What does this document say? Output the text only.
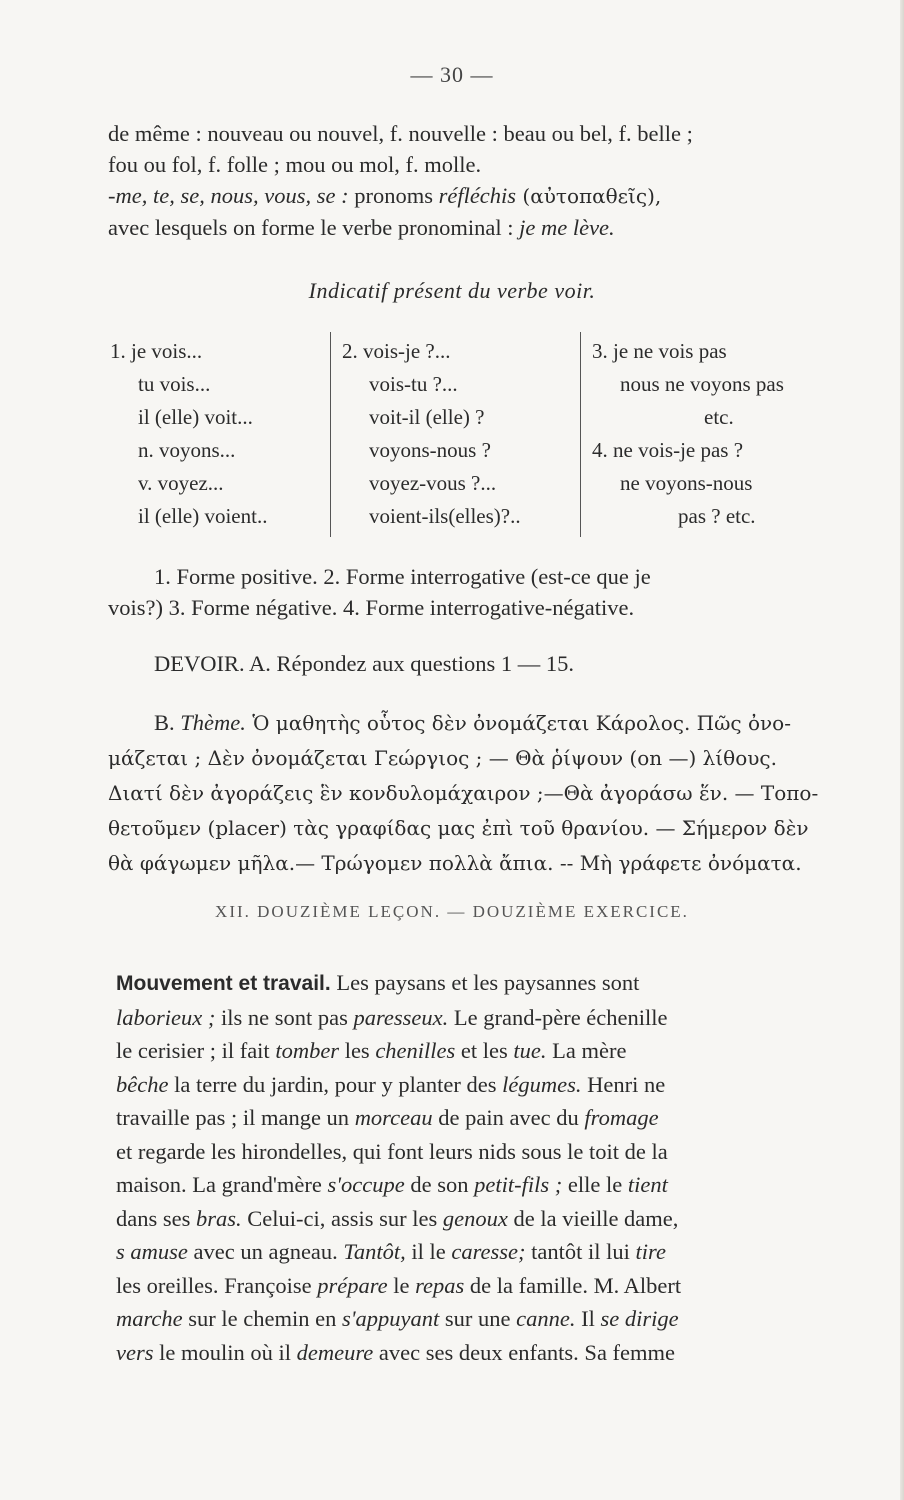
— 30 —
de même : nouveau ou nouvel, f. nouvelle : beau ou bel, f. belle ;
fou ou fol, f. folle ; mou ou mol, f. molle.
-me, te, se, nous, vous, se : pronoms réfléchis (αὐτοπαθεῖς),
avec lesquels on forme le verbe pronominal : je me lève.
Indicatif présent du verbe voir.
1. je vois...
tu vois...
il (elle) voit...
n. voyons...
v. voyez...
il (elle) voient..
2. vois-je ?...
vois-tu ?...
voit-il (elle) ?
voyons-nous ?
voyez-vous ?...
voient-ils(elles)?..
3. je ne vois pas
nous ne voyons pas
etc.
4. ne vois-je pas ?
ne voyons-nous
pas ? etc.
1. Forme positive. 2. Forme interrogative (est-ce que je
vois?) 3. Forme négative. 4. Forme interrogative-négative.
DEVOIR. A. Répondez aux questions 1 — 15.
B. Thème. Ὁ μαθητὴς οὗτος δὲν ὀνομάζεται Κάρολος. Πῶς ὀνο-
μάζεται ; Δὲν ὀνομάζεται Γεώργιος ; — Θὰ ῥίψουν (on —) λίθους.
Διατί δὲν ἀγοράζεις ἓν κονδυλομάχαιρον ;—Θὰ ἀγοράσω ἕν. — Τοπο-
θετοῦμεν (placer) τὰς γραφίδας μας ἐπὶ τοῦ θρανίου. — Σήμερον δὲν
θὰ φάγωμεν μῆλα.— Τρώγομεν πολλὰ ἄπια. -- Μὴ γράφετε ὀνόματα.
XII. DOUZIÈME LEÇON. — DOUZIÈME EXERCICE.
Mouvement et travail. Les paysans et les paysannes sont
laborieux ; ils ne sont pas paresseux. Le grand-père échenille
le cerisier ; il fait tomber les chenilles et les tue. La mère
bêche la terre du jardin, pour y planter des légumes. Henri ne
travaille pas ; il mange un morceau de pain avec du fromage
et regarde les hirondelles, qui font leurs nids sous le toit de la
maison. La grand'mère s'occupe de son petit-fils ; elle le tient
dans ses bras. Celui-ci, assis sur les genoux de la vieille dame,
s amuse avec un agneau. Tantôt, il le caresse; tantôt il lui tire
les oreilles. Françoise prépare le repas de la famille. M. Albert
marche sur le chemin en s'appuyant sur une canne. Il se dirige
vers le moulin où il demeure avec ses deux enfants. Sa femme
